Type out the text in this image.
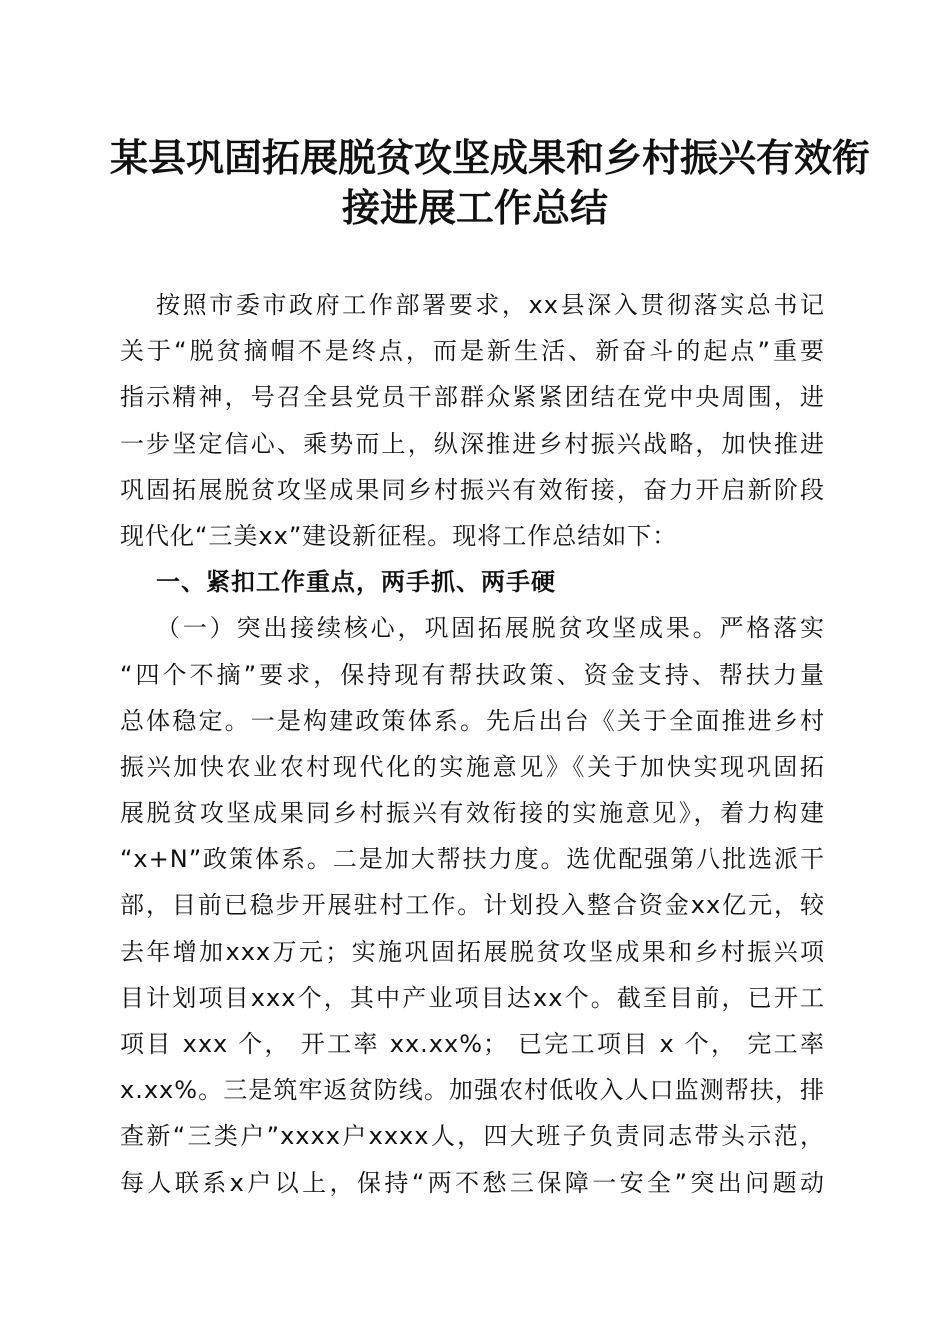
某县巩固拓展脱贫攻坚成果和乡村振兴有效衔
接进展工作总结
按照市委市政府工作部署要求，xx县深入贯彻落实总书记
关于“脱贫摘帽不是终点，而是新生活、新奋斗的起点”重要
指示精神，号召全县党员干部群众紧紧团结在党中央周围，进
一步坚定信心、乘势而上，纵深推进乡村振兴战略，加快推进
巩固拓展脱贫攻坚成果同乡村振兴有效衔接，奋力开启新阶段
现代化“三美xx”建设新征程。现将工作总结如下：
一、紧扣工作重点，两手抓、两手硬
（一）突出接续核心，巩固拓展脱贫攻坚成果。严格落实
“四个不摘”要求，保持现有帮扶政策、资金支持、帮扶力量
总体稳定。一是构建政策体系。先后出台《关于全面推进乡村
振兴加快农业农村现代化的实施意见》《关于加快实现巩固拓
展脱贫攻坚成果同乡村振兴有效衔接的实施意见》，着力构建
“x+N”政策体系。二是加大帮扶力度。选优配强第八批选派干
部，目前已稳步开展驻村工作。计划投入整合资金xx亿元，较
去年增加xxx万元；实施巩固拓展脱贫攻坚成果和乡村振兴项
目计划项目xxx个，其中产业项目达xx个。截至目前，已开工
项目 xxx 个， 开工率 xx.xx%； 已完工项目 x 个， 完工率
x.xx%。三是筑牢返贫防线。加强农村低收入人口监测帮扶，排
查新“三类户”xxxx户xxxx人，四大班子负责同志带头示范，
每人联系x户以上，保持“两不愁三保障一安全”突出问题动
